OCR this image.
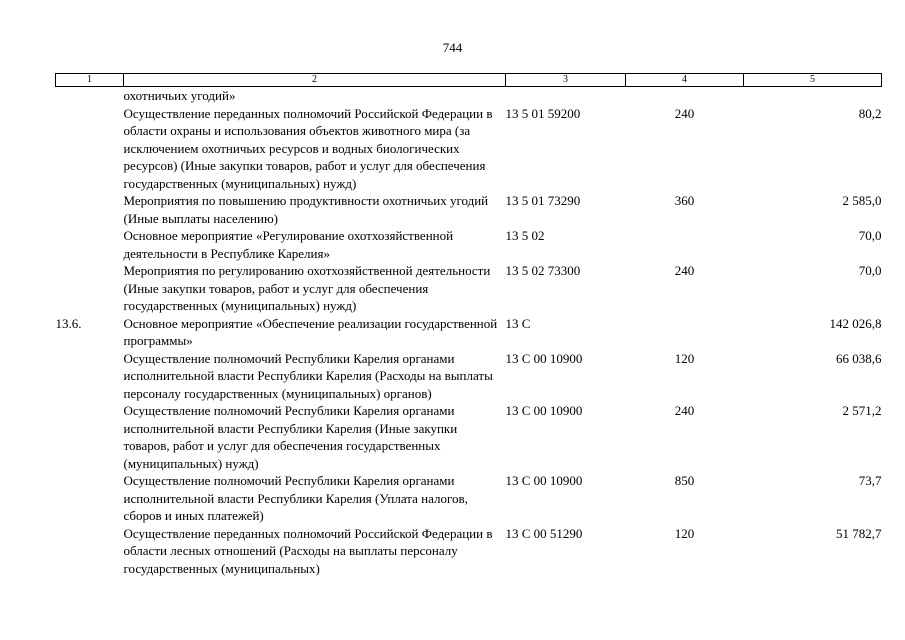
744
1	2	3	4	5
	охотничьих угодий»			
	Осуществление переданных полномочий Российской Федерации в области охраны и использования объектов животного мира (за исключением охотничьих ресурсов и водных биологических ресурсов) (Иные закупки товаров, работ и услуг для обеспечения государственных (муниципальных) нужд)	13 5 01 59200	240	80,2
	Мероприятия по повышению продуктивности охотничьих угодий (Иные выплаты населению)	13 5 01 73290	360	2 585,0
	Основное мероприятие «Регулирование охотхозяйственной деятельности в Республике Карелия»	13 5 02		70,0
	Мероприятия по регулированию охотхозяйственной деятельности (Иные закупки товаров, работ и услуг для обеспечения государственных (муниципальных) нужд)	13 5 02 73300	240	70,0
13.6.	Основное мероприятие «Обеспечение реализации государственной программы»	13 С		142 026,8
	Осуществление полномочий Республики Карелия органами исполнительной власти Республики Карелия (Расходы на выплаты персоналу государственных (муниципальных) органов)	13 С 00 10900	120	66 038,6
	Осуществление полномочий Республики Карелия органами исполнительной власти Республики Карелия (Иные закупки товаров, работ и услуг для обеспечения государственных (муниципальных) нужд)	13 С 00 10900	240	2 571,2
	Осуществление полномочий Республики Карелия органами исполнительной власти Республики Карелия (Уплата налогов, сборов и иных платежей)	13 С 00 10900	850	73,7
	Осуществление переданных полномочий Российской Федерации в области лесных отношений (Расходы на выплаты персоналу государственных (муниципальных)	13 С 00 51290	120	51 782,7
